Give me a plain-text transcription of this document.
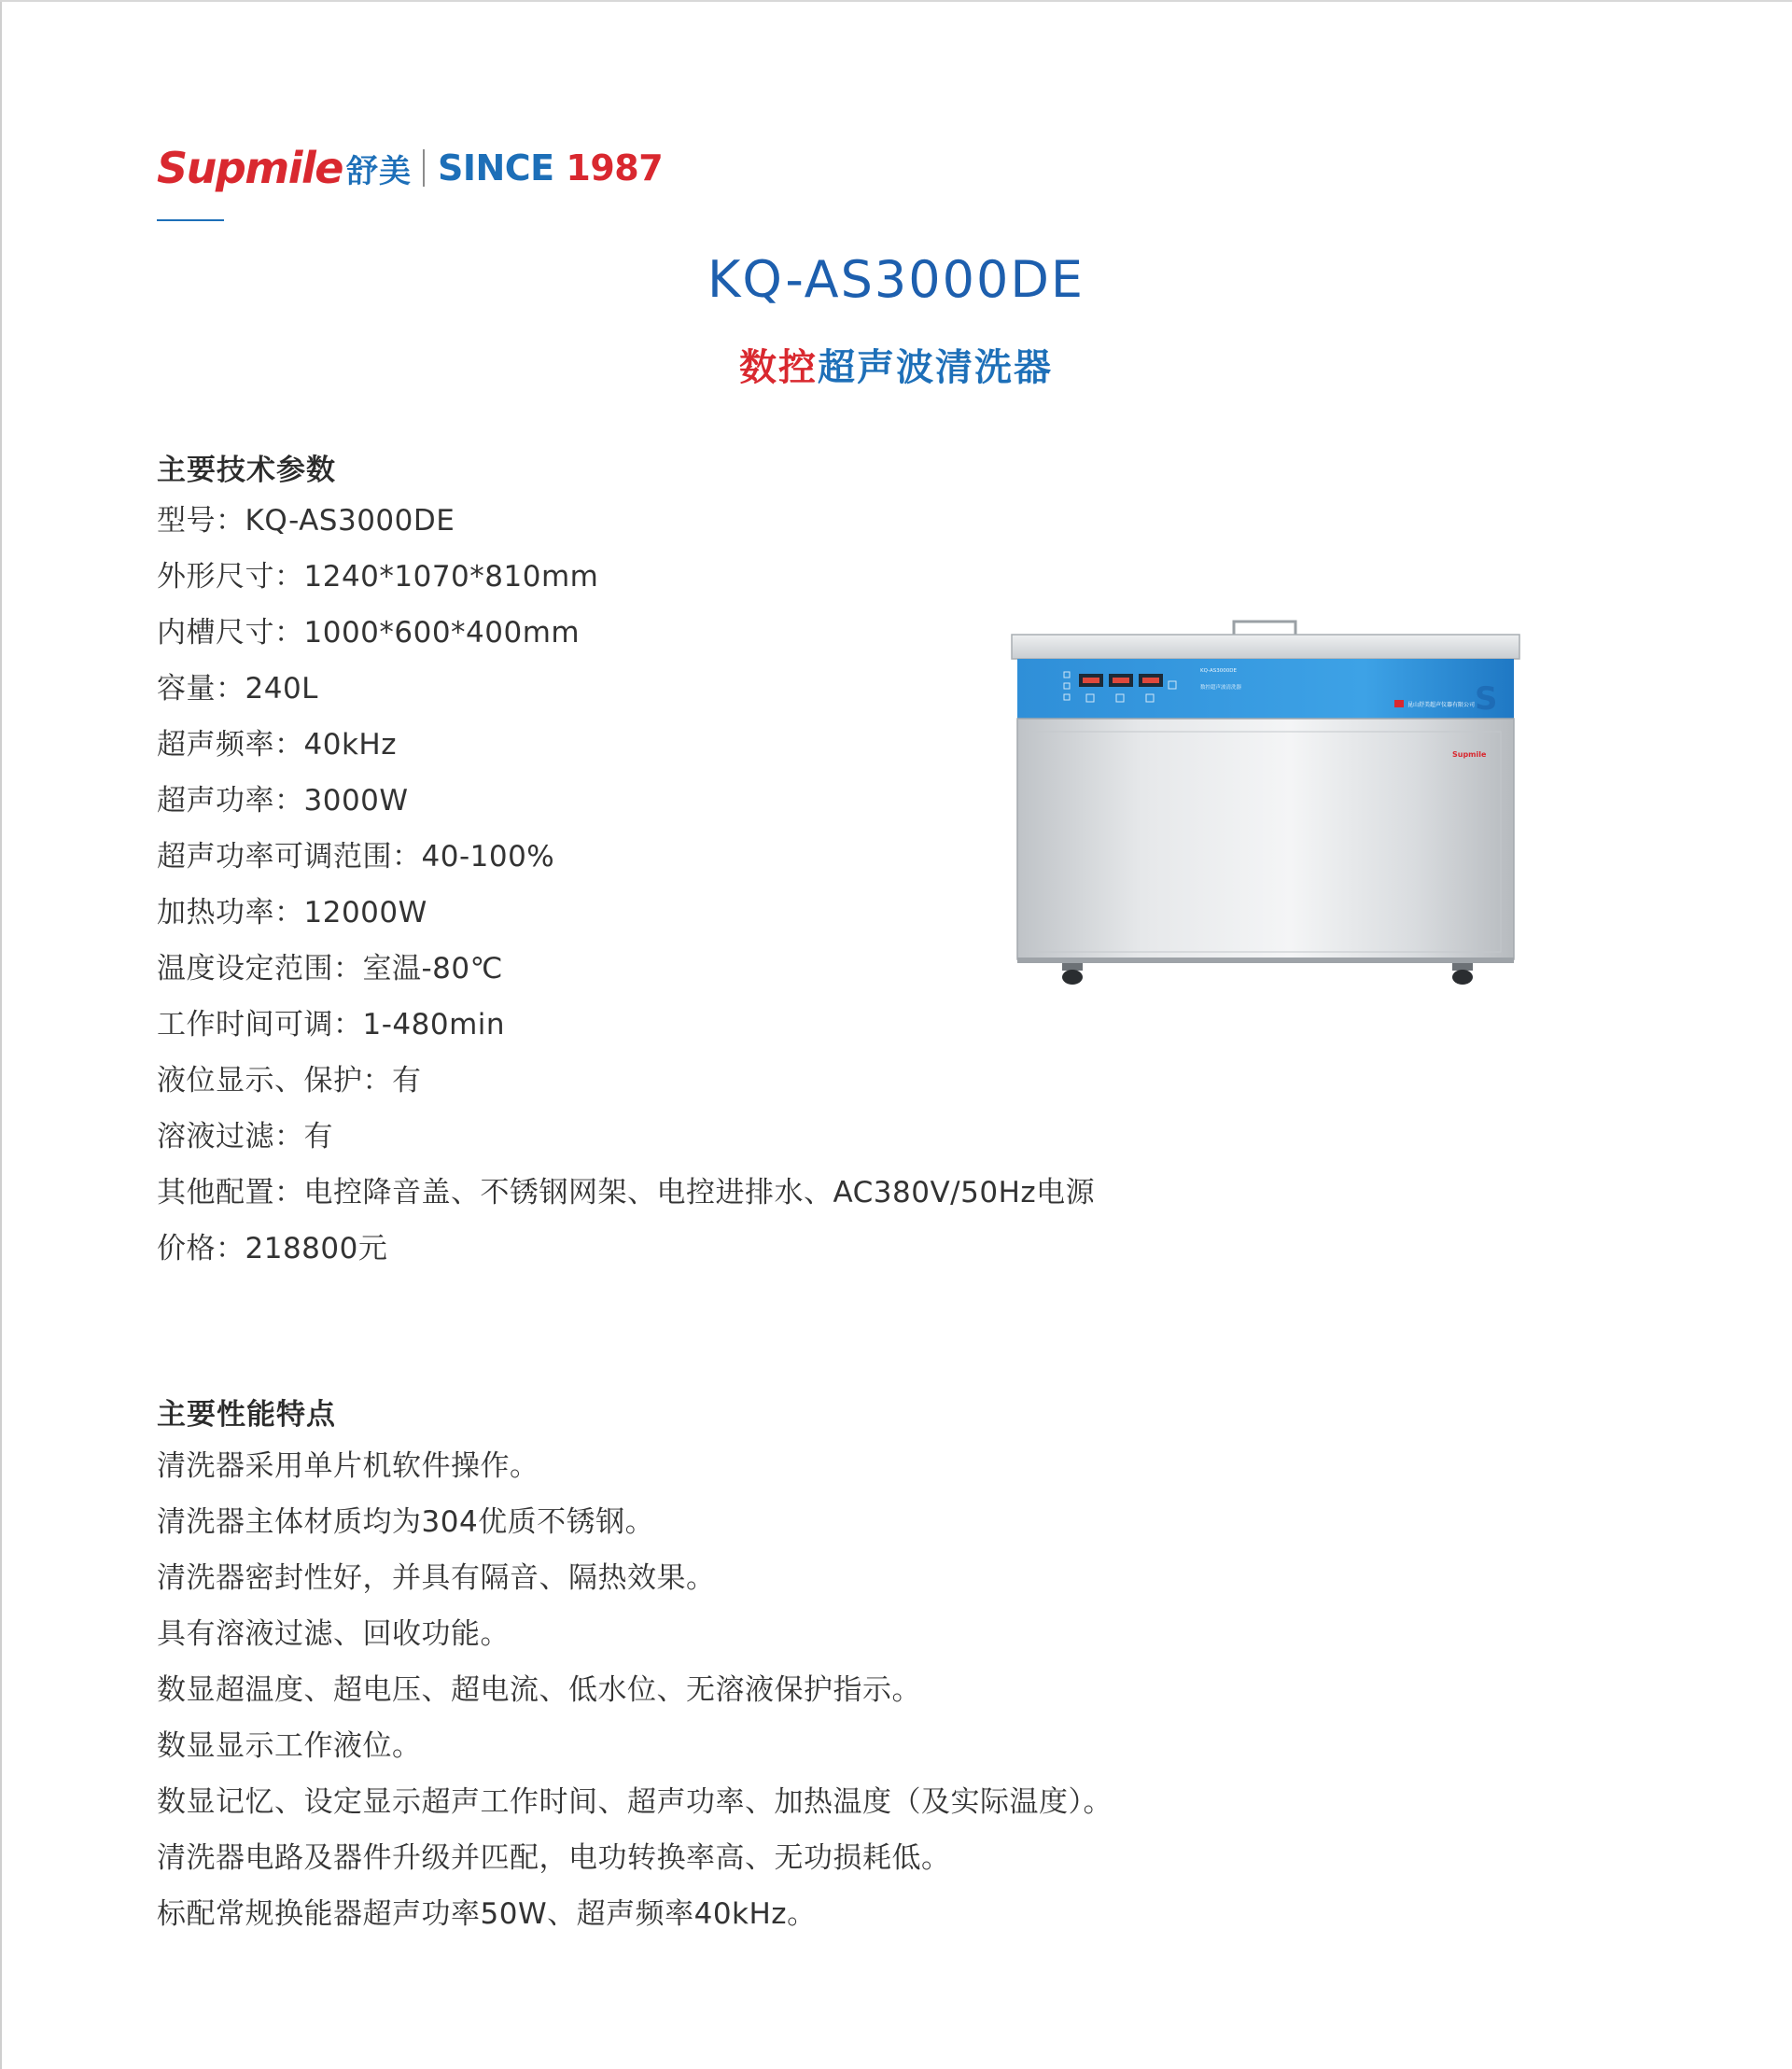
Supmile 舒美 SINCE 1987
KQ-AS3000DE
数控超声波清洗器
主要技术参数
型号：KQ-AS3000DE
外形尺寸：1240*1070*810mm
内槽尺寸：1000*600*400mm
容量：240L
超声频率：40kHz
超声功率：3000W
超声功率可调范围：40-100%
加热功率：12000W
温度设定范围：室温-80℃
工作时间可调：1-480min
液位显示、保护：有
溶液过滤：有
其他配置：电控降音盖、不锈钢网架、电控进排水、AC380V/50Hz电源
价格：218800元
KQ-AS3000DE
数控超声波清洗器
昆山舒美超声仪器有限公司 S
Supmile
主要性能特点
清洗器采用单片机软件操作。
清洗器主体材质均为304优质不锈钢。
清洗器密封性好，并具有隔音、隔热效果。
具有溶液过滤、回收功能。
数显超温度、超电压、超电流、低水位、无溶液保护指示。
数显显示工作液位。
数显记忆、设定显示超声工作时间、超声功率、加热温度（及实际温度）。
清洗器电路及器件升级并匹配，电功转换率高、无功损耗低。
标配常规换能器超声功率50W、超声频率40kHz。
